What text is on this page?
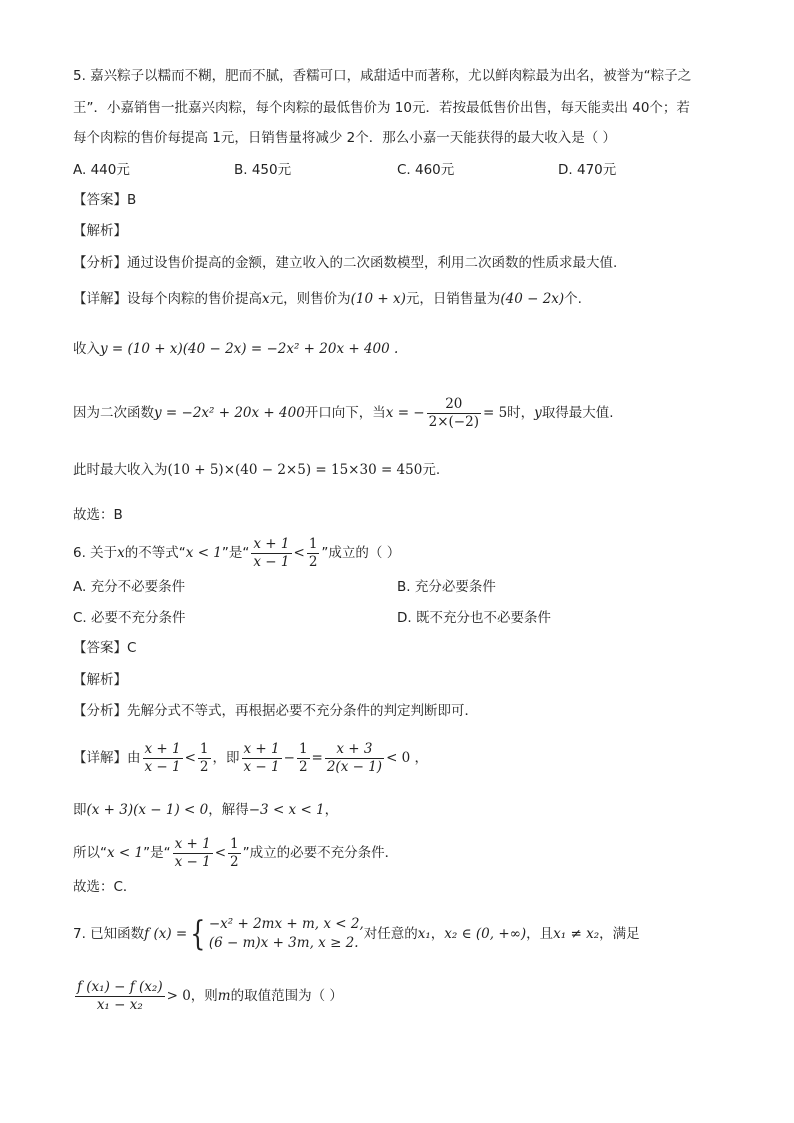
5. 嘉兴粽子以糯而不糊，肥而不腻，香糯可口，咸甜适中而著称，尤以鲜肉粽最为出名，被誉为“粽子之
王”．小嘉销售一批嘉兴肉粽，每个肉粽的最低售价为 10元．若按最低售价出售，每天能卖出 40个；若
每个肉粽的售价每提高 1元，日销售量将减少 2个．那么小嘉一天能获得的最大收入是（ ）
A. 440元	B. 450元	C. 460元	D. 470元
【答案】B
【解析】
【分析】通过设售价提高的金额，建立收入的二次函数模型，利用二次函数的性质求最大值.
【详解】设每个肉粽的售价提高x元，则售价为(10 + x)元，日销售量为(40 − 2x)个.
收入y = (10 + x)(40 − 2x) = −2x² + 20x + 400 .
因为二次函数y = −2x² + 20x + 400开口向下，当x = − $\frac{20}{2\times(-2)} = 5$时，y取得最大值.
此时最大收入为(10 + 5)×(40 − 2×5) = 15×30 = 450元.
故选：B
6. 关于x的不等式“x < 1”是“ $\frac{x + 1}{x - 1} < \frac{1}{2}$ ”成立的（ ）
A. 充分不必要条件	B. 充分必要条件
C. 必要不充分条件	D. 既不充分也不必要条件
【答案】C
【解析】
【分析】先解分式不等式，再根据必要不充分条件的判定判断即可．
【详解】由 $\frac{x + 1}{x - 1} < \frac{1}{2}$ ，即 $\frac{x + 1}{x - 1} - \frac{1}{2} = \frac{x + 3}{2(x - 1)} < 0$ ，
即(x + 3)(x − 1) < 0，解得−3 < x < 1，
所以“x < 1”是“ $\frac{x + 1}{x - 1} < \frac{1}{2}$ ”成立的必要不充分条件．
故选：C．
7. 已知函数f (x) ={ −x² + 2mx + m, x < 2,
(6 − m)x + 3m, x ≥ 2.
对任意的x₁，x₂ ∈ (0, +∞)，且x₁ ≠ x₂，满足
$\frac{\text{f (x₁) − f (x₂)}}{\text{x₁ − x₂}} > 0$，则m的取值范围为（ ）
